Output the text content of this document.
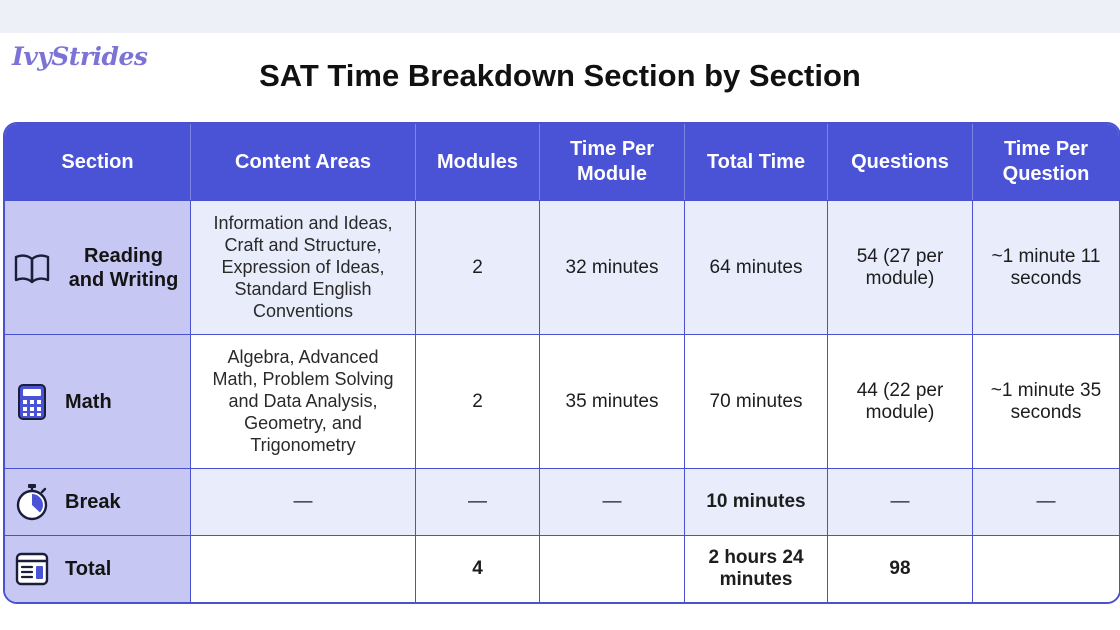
IvyStrides
SAT Time Breakdown Section by Section
Section	Content Areas	Modules	Time Per Module	Total Time	Questions	Time Per Question

Reading and Writing	Information and Ideas, Craft and Structure, Expression of Ideas, Standard English Conventions	2	32 minutes	64 minutes	54 (27 per module)	~1 minute 11 seconds

Math	Algebra, Advanced Math, Problem Solving and Data Analysis, Geometry, and Trigonometry	2	35 minutes	70 minutes	44 (22 per module)	~1 minute 35 seconds

Break	—	—	—	10 minutes	—	—

Total		4		2 hours 24 minutes	98	
